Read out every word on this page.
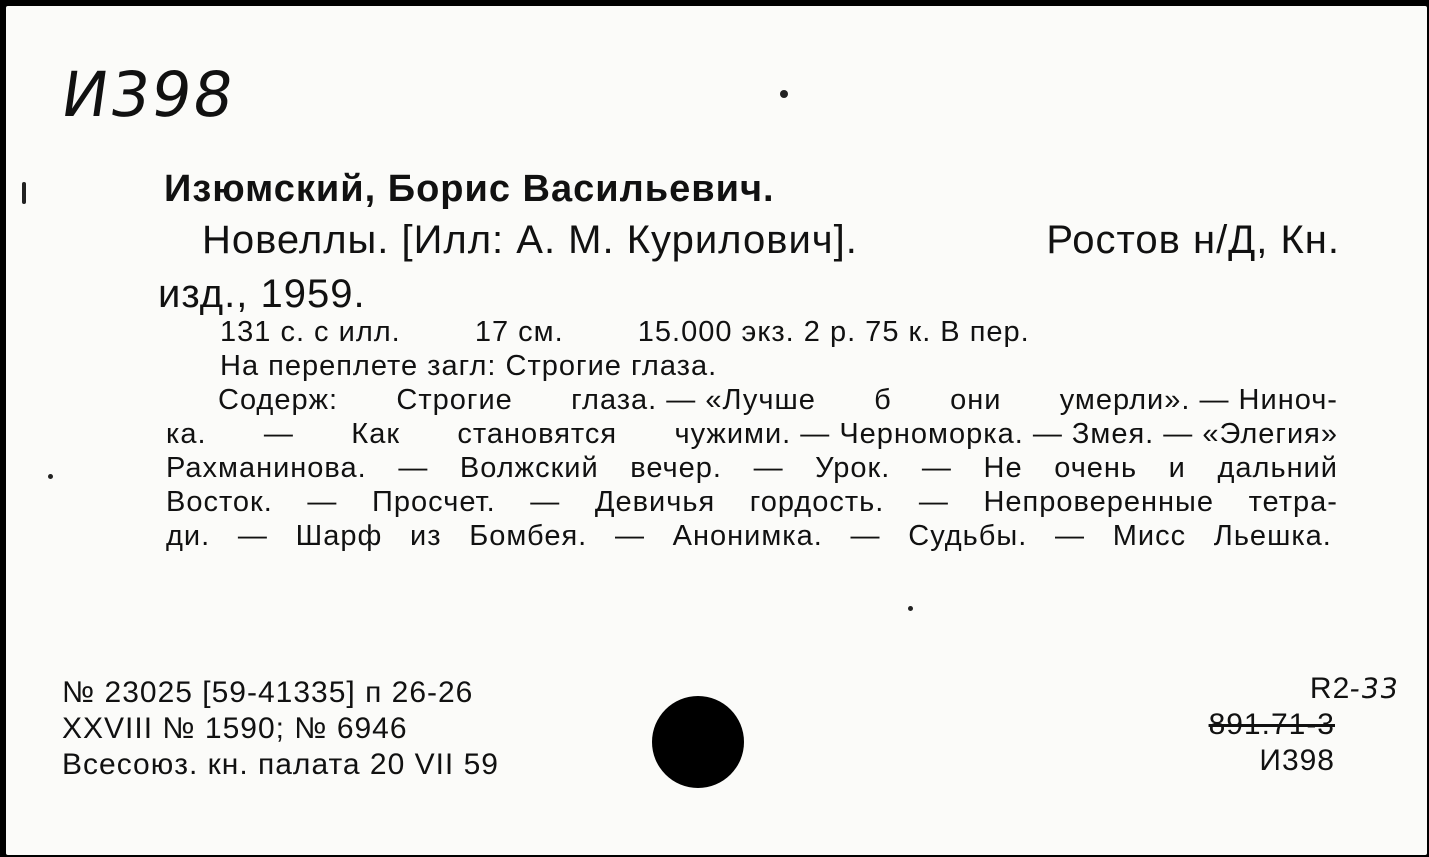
И398
Изюмский, Борис Васильевич.
Новеллы. [Илл: А. М. Курилович].	Ростов н/Д, Кн.
изд., 1959.
131 с. с илл.	17 см.	15.000 экз. 2 р. 75 к. В пер.
На переплете загл: Строгие глаза.
Содерж: Строгие глаза. — «Лучше б они умерли». — Ниноч-
ка. — Как становятся чужими. — Черноморка. — Змея. — «Элегия»
Рахманинова. — Волжский вечер. — Урок. — Не очень и дальний
Восток. — Просчет. — Девичья гордость. — Непроверенные тетра-
ди. — Шарф из Бомбея. — Анонимка. — Судьбы. — Мисс Льешка.
№ 23025 [59-41335] п 26-26
XXVIII № 1590; № 6946
Всесоюз. кн. палата 20 VII 59
R2-33
891.71-3
И398
